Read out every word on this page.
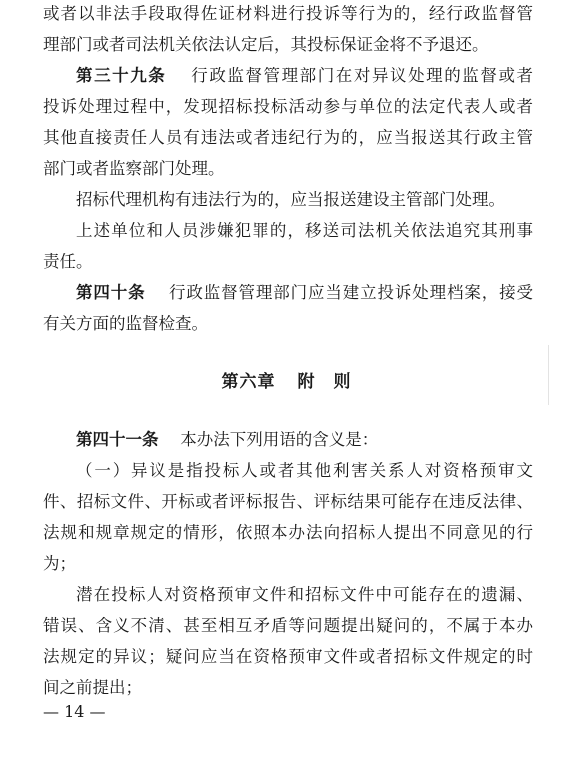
或者以非法手段取得佐证材料进行投诉等行为的，经行政监督管
理部门或者司法机关依法认定后，其投标保证金将不予退还。
第三十九条　 行政监督管理部门在对异议处理的监督或者
投诉处理过程中，发现招标投标活动参与单位的法定代表人或者
其他直接责任人员有违法或者违纪行为的，应当报送其行政主管
部门或者监察部门处理。
招标代理机构有违法行为的，应当报送建设主管部门处理。
上述单位和人员涉嫌犯罪的，移送司法机关依法追究其刑事
责任。
第四十条　 行政监督管理部门应当建立投诉处理档案，接受
有关方面的监督检查。
第六章 附　则
第四十一条　 本办法下列用语的含义是：
（一）异议是指投标人或者其他利害关系人对资格预审文
件、招标文件、开标或者评标报告、评标结果可能存在违反法律、
法规和规章规定的情形，依照本办法向招标人提出不同意见的行
为；
潜在投标人对资格预审文件和招标文件中可能存在的遗漏、
错误、含义不清、甚至相互矛盾等问题提出疑问的，不属于本办
法规定的异议；疑问应当在资格预审文件或者招标文件规定的时
间之前提出；
— 14 —
